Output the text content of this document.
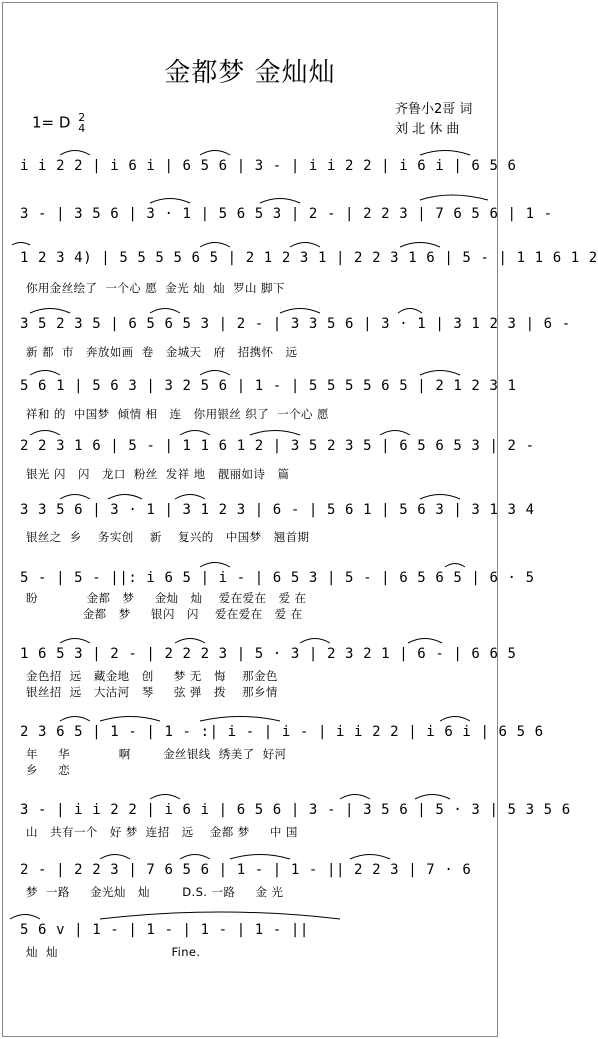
金都梦 金灿灿
1= D 2
4
齐鲁小2哥 词
刘 北 休 曲
i i 2 2 | i 6 i | 6 5 6 | 3 - | i i 2 2 | i 6 i | 6 5 6
3 - | 3 5 6 | 3 · 1 | 5 6 5 3 | 2 - | 2 2 3 | 7 6 5 6 | 1 -
1 2 3 4) | 5 5 5 5 6 5 | 2 1 2 3 1 | 2 2 3 1 6 | 5 - | 1 1 6 1 2
你用金丝绘了  一个心 愿  金光 灿  灿  罗山 脚下
3 5 2 3 5 | 6 5 6 5 3 | 2 - | 3 3 5 6 | 3 · 1 | 3 1 2 3 | 6 -
新 都  市   奔放如画  卷   金城天   府   招携怀   远
5 6 1 | 5 6 3 | 3 2 5 6 | 1 - | 5 5 5 5 6 5 | 2 1 2 3 1
祥和 的  中国梦  倾情 相   连   你用银丝 织了  一个心 愿
2 2 3 1 6 | 5 - | 1 1 6 1 2 | 3 5 2 3 5 | 6 5 6 5 3 | 2 -
银光 闪   闪   龙口  粉丝  发祥 地   靓丽如诗   篇
3 3 5 6 | 3 · 1 | 3 1 2 3 | 6 - | 5 6 1 | 5 6 3 | 3 1 3 4
银丝之  乡    务实创    新    复兴的   中国梦   翘首期
5 - | 5 - ||: i 6 5 | i - | 6 5 3 | 5 - | 6 5 6 5 | 6 · 5
盼            金都   梦     金灿   灿    爱在爱在   爱 在
金都   梦     银闪   闪    爱在爱在   爱 在
1 6 5 3 | 2 - | 2 2 2 3 | 5 · 3 | 2 3 2 1 | 6 - | 6 6 5
金色招  远   藏金地   创     梦 无   悔    那金色
银丝招  远   大沽河   琴     弦 弹   拨    那乡情
2 3 6 5 | 1 - | 1 - :| i - | i - | i i 2 2 | i 6 i | 6 5 6
年     华            啊        金丝银线  绣美了  好河
乡     恋
3 - | i i 2 2 | i 6 i | 6 5 6 | 3 - | 3 5 6 | 5 · 3 | 5 3 5 6
山   共有一个   好 梦  连招   远    金都 梦     中 国
2 - | 2 2 3 | 7 6 5 6 | 1 - | 1 - || 2 2 3 | 7 · 6
梦  一路     金光灿   灿        D.S. 一路     金 光
5 6 v | 1 - | 1 - | 1 - | 1 - ||
灿  灿                            Fine.
